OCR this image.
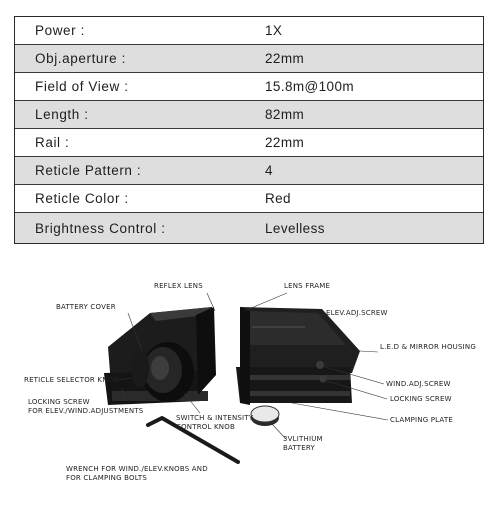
Power :	1X
Obj.aperture :	22mm
Field of View :	15.8m@100m
Length :	82mm
Rail :	22mm
Reticle Pattern :	4
Reticle Color :	Red
Brightness Control :	Levelless
REFLEX LENS	LENS FRAME
BATTERY COVER
ELEV.ADJ.SCREW
L.E.D & MIRROR HOUSING
RETICLE SELECTOR KNOB	WIND.ADJ.SCREW
LOCKING SCREW
FOR ELEV./WIND.ADJUSTMENTS
LOCKING SCREW
SWITCH & INTENSITY
CONTROL KNOB
CLAMPING PLATE
3VLITHIUM
BATTERY
WRENCH FOR WIND./ELEV.KNOBS AND
FOR CLAMPING BOLTS
